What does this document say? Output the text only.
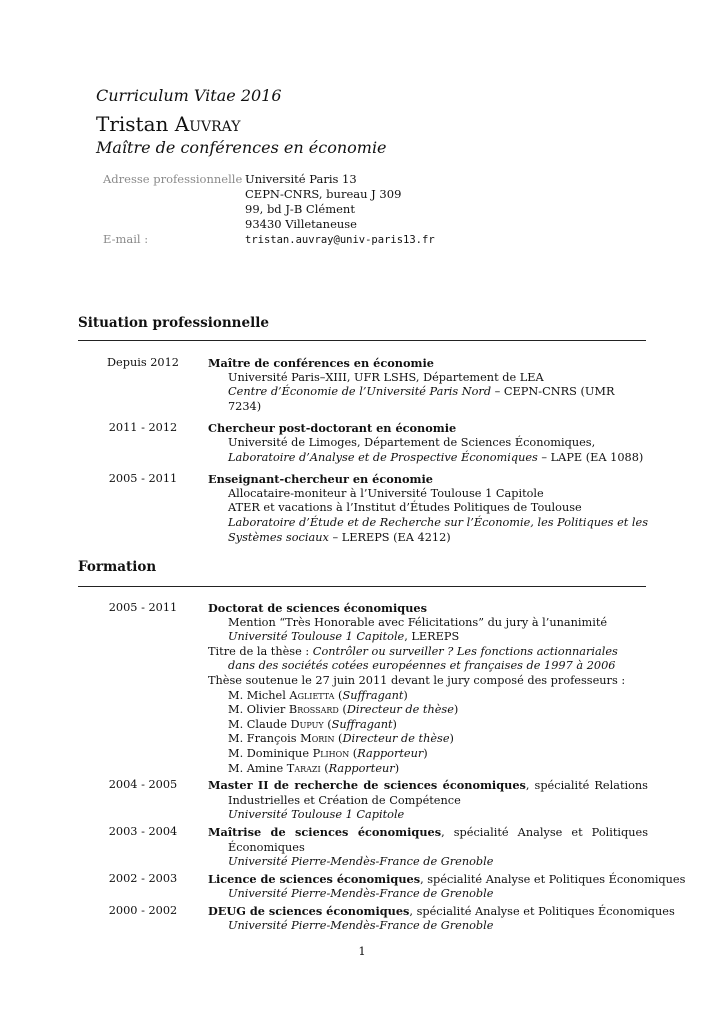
Curriculum Vitae 2016
Tristan Auvray
Maître de conférences en économie
Adresse professionnelle :
Université Paris 13
CEPN-CNRS, bureau J 309
99, bd J-B Clément
93430 Villetaneuse
E-mail :	tristan.auvray@univ-paris13.fr
Situation professionnelle
Depuis 2012	Maître de conférences en économie
Université Paris–XIII, UFR LSHS, Département de LEA
Centre d’Économie de l’Université Paris Nord – CEPN-CNRS (UMR 7234)
2011 - 2012	Chercheur post-doctorant en économie
Université de Limoges, Département de Sciences Économiques,
Laboratoire d’Analyse et de Prospective Économiques – LAPE (EA 1088)
2005 - 2011	Enseignant-chercheur en économie
Allocataire-moniteur à l’Université Toulouse 1 Capitole
ATER et vacations à l’Institut d’Études Politiques de Toulouse
Laboratoire d’Étude et de Recherche sur l’Économie, les Politiques et les Systèmes sociaux – LEREPS (EA 4212)
Formation
2005 - 2011	Doctorat de sciences économiques
Mention “Très Honorable avec Félicitations” du jury à l’unanimité
Université Toulouse 1 Capitole, LEREPS
Titre de la thèse : Contrôler ou surveiller ? Les fonctions actionnariales dans des sociétés cotées européennes et françaises de 1997 à 2006
Thèse soutenue le 27 juin 2011 devant le jury composé des professeurs :
M. Michel Aglietta (Suffragant)
M. Olivier Brossard (Directeur de thèse)
M. Claude Dupuy (Suffragant)
M. François Morin (Directeur de thèse)
M. Dominique Plihon (Rapporteur)
M. Amine Tarazi (Rapporteur)
2004 - 2005	Master II de recherche de sciences économiques, spécialité Relations Industrielles et Création de Compétence
Université Toulouse 1 Capitole
2003 - 2004	Maîtrise de sciences économiques, spécialité Analyse et Politiques Économiques
Université Pierre-Mendès-France de Grenoble
2002 - 2003	Licence de sciences économiques, spécialité Analyse et Politiques Économiques
Université Pierre-Mendès-France de Grenoble
2000 - 2002	DEUG de sciences économiques, spécialité Analyse et Politiques Économiques
Université Pierre-Mendès-France de Grenoble
1
